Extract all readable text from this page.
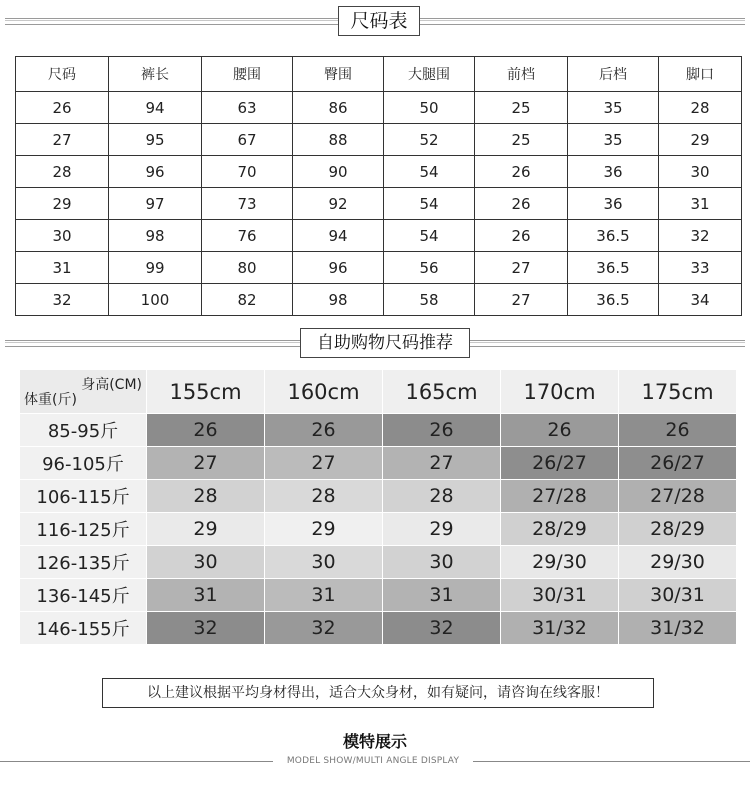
尺码表
尺码	裤长	腰围	臀围	大腿围	前档	后档	脚口
26	94	63	86	50	25	35	28
27	95	67	88	52	25	35	29
28	96	70	90	54	26	36	30
29	97	73	92	54	26	36	31
30	98	76	94	54	26	36.5	32
31	99	80	96	56	27	36.5	33
32	100	82	98	58	27	36.5	34
自助购物尺码推荐
身高(CM)
体重(斤)	155cm	160cm	165cm	170cm	175cm
85-95斤	26	26	26	26	26
96-105斤	27	27	27	26/27	26/27
106-115斤	28	28	28	27/28	27/28
116-125斤	29	29	29	28/29	28/29
126-135斤	30	30	30	29/30	29/30
136-145斤	31	31	31	30/31	30/31
146-155斤	32	32	32	31/32	31/32
以上建议根据平均身材得出，适合大众身材，如有疑问，请咨询在线客服！
模特展示
MODEL SHOW/MULTI ANGLE DISPLAY
